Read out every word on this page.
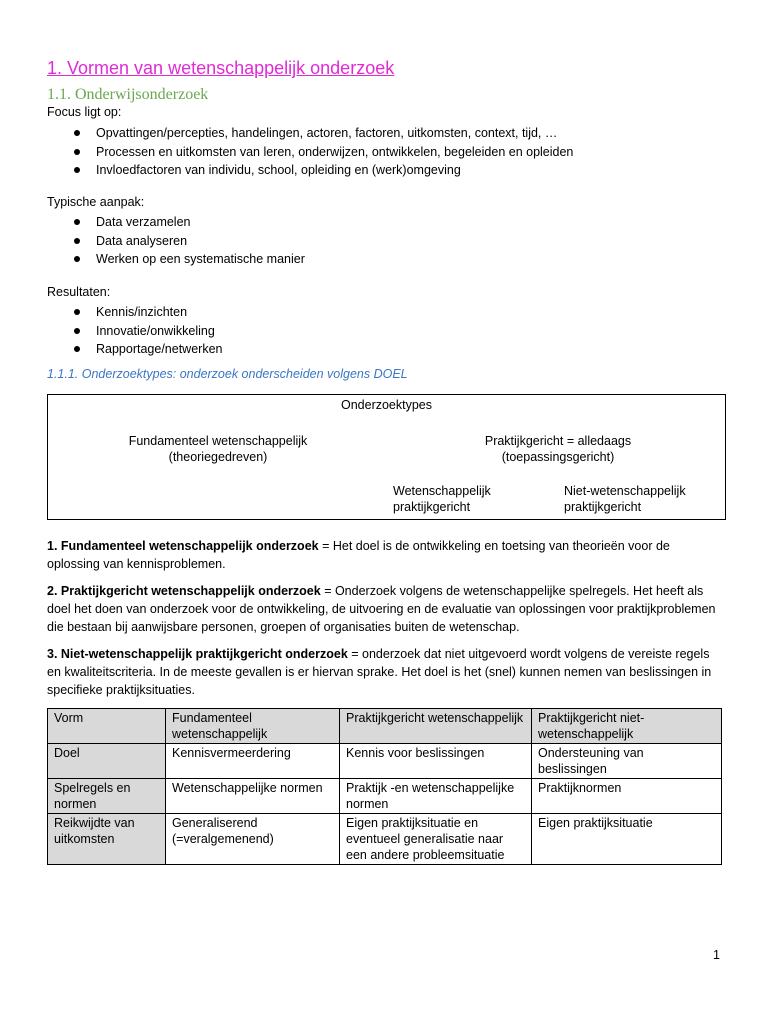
1. Vormen van wetenschappelijk onderzoek
1.1. Onderwijsonderzoek
Focus ligt op:
Opvattingen/percepties, handelingen, actoren, factoren, uitkomsten, context, tijd, …
Processen en uitkomsten van leren, onderwijzen, ontwikkelen, begeleiden en opleiden
Invloedfactoren van individu, school, opleiding en (werk)omgeving
Typische aanpak:
Data verzamelen
Data analyseren
Werken op een systematische manier
Resultaten:
Kennis/inzichten
Innovatie/onwikkeling
Rapportage/netwerken
1.1.1. Onderzoektypes: onderzoek onderscheiden volgens DOEL
Onderzoektypes
Fundamenteel wetenschappelijk
(theoriegedreven)
Praktijkgericht = alledaags
(toepassingsgericht)
Wetenschappelijk
praktijkgericht
Niet-wetenschappelijk
praktijkgericht
1. Fundamenteel wetenschappelijk onderzoek = Het doel is de ontwikkeling en toetsing van theorieën voor de oplossing van kennisproblemen.
2. Praktijkgericht wetenschappelijk onderzoek = Onderzoek volgens de wetenschappelijke spelregels. Het heeft als doel het doen van onderzoek voor de ontwikkeling, de uitvoering en de evaluatie van oplossingen voor praktijkproblemen die bestaan bij aanwijsbare personen, groepen of organisaties buiten de wetenschap.
3. Niet-wetenschappelijk praktijkgericht onderzoek = onderzoek dat niet uitgevoerd wordt volgens de vereiste regels en kwaliteitscriteria. In de meeste gevallen is er hiervan sprake. Het doel is het (snel) kunnen nemen van beslissingen in specifieke praktijksituaties.
Vorm	Fundamenteel wetenschappelijk	Praktijkgericht wetenschappelijk	Praktijkgericht niet-wetenschappelijk
Doel	Kennisvermeerdering	Kennis voor beslissingen	Ondersteuning van beslissingen
Spelregels en normen	Wetenschappelijke normen	Praktijk -en wetenschappelijke normen	Praktijknormen
Reikwijdte van uitkomsten	Generaliserend (=veralgemenend)	Eigen praktijksituatie en eventueel generalisatie naar een andere probleemsituatie	Eigen praktijksituatie
1
